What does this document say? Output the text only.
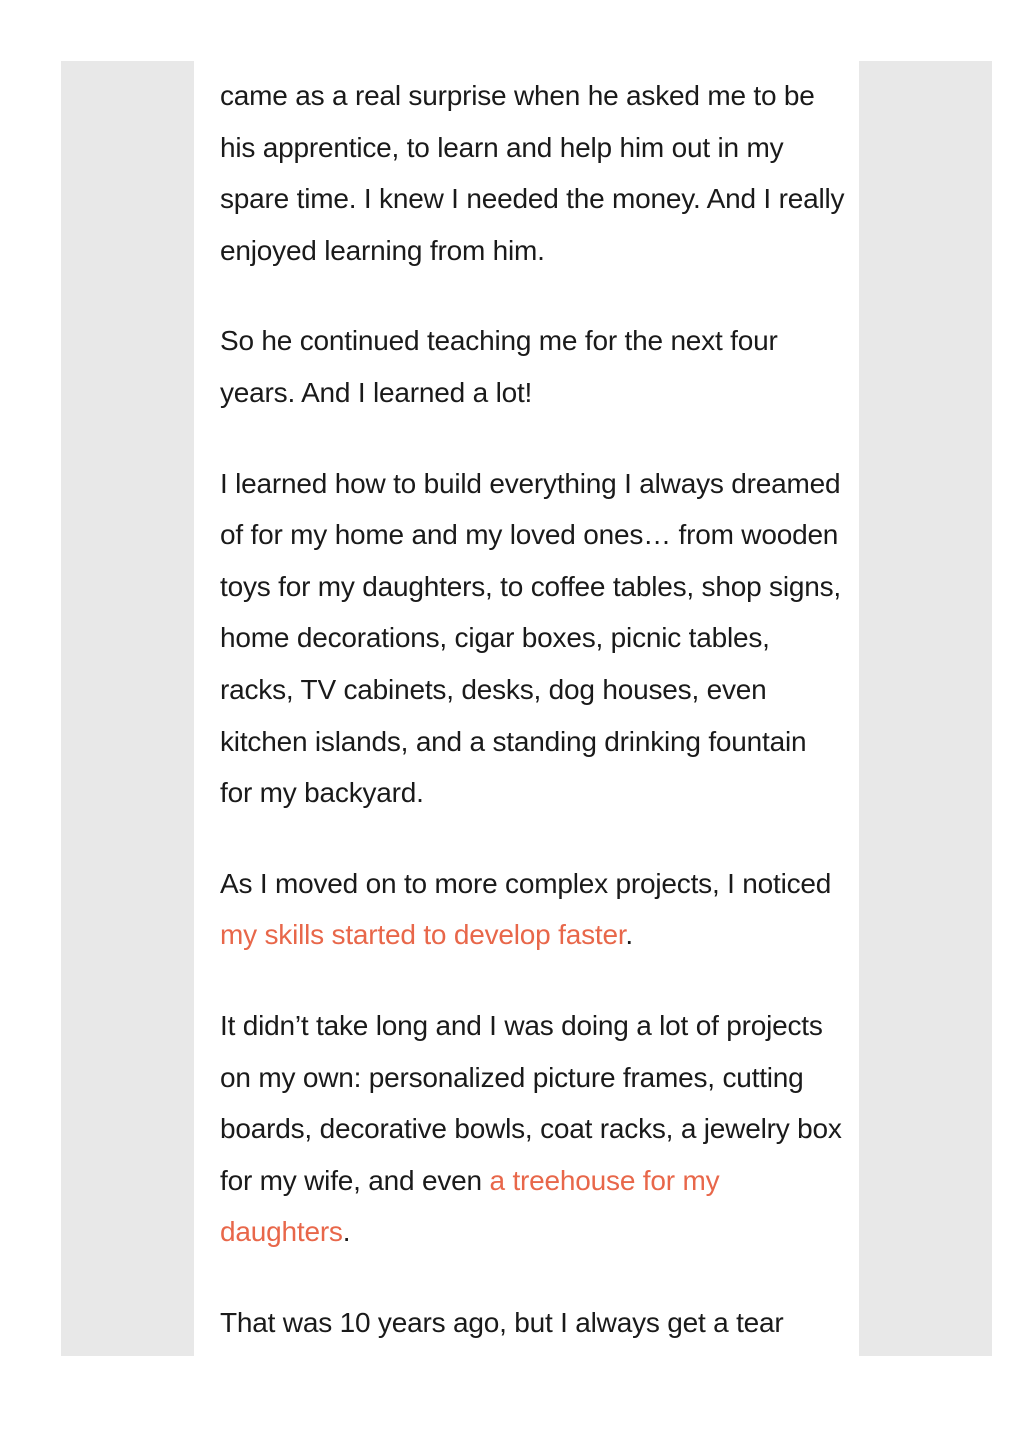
came as a real surprise when he asked me to be his apprentice, to learn and help him out in my spare time. I knew I needed the money. And I really enjoyed learning from him.

So he continued teaching me for the next four years. And I learned a lot!

I learned how to build everything I always dreamed of for my home and my loved ones… from wooden toys for my daughters, to coffee tables, shop signs, home decorations, cigar boxes, picnic tables, racks, TV cabinets, desks, dog houses, even kitchen islands, and a standing drinking fountain for my backyard.

As I moved on to more complex projects, I noticed my skills started to develop faster.

It didn’t take long and I was doing a lot of projects on my own: personalized picture frames, cutting boards, decorative bowls, coat racks, a jewelry box for my wife, and even a treehouse for my daughters.

That was 10 years ago, but I always get a tear
